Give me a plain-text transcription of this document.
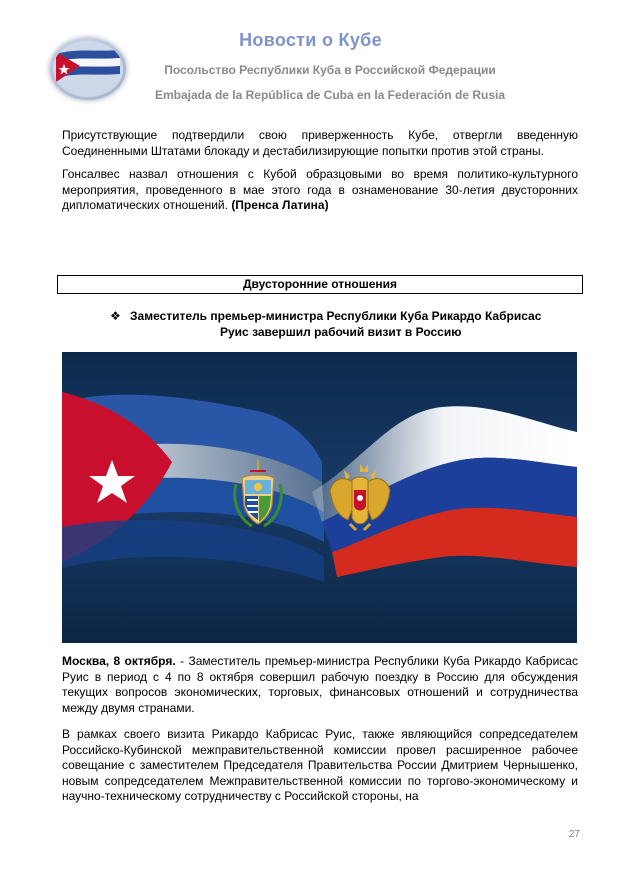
Новости о Кубе
Посольство Республики Куба в Российской Федерации
Embajada de la República de Cuba en la Federación de Rusia
Присутствующие подтвердили свою приверженность Кубе, отвергли введенную Соединенными Штатами блокаду и дестабилизирующие попытки против этой страны.
Гонсалвес назвал отношения с Кубой образцовыми во время политико-культурного мероприятия, проведенного в мае этого года в ознаменование 30-летия двусторонних дипломатических отношений. (Пренса Латина)
Двусторонние отношения
❖ Заместитель премьер-министра Республики Куба Рикардо Кабрисас
Руис завершил рабочий визит в Россию
Москва, 8 октября. - Заместитель премьер-министра Республики Куба Рикардо Кабрисас Руис в период с 4 по 8 октября совершил рабочую поездку в Россию для обсуждения текущих вопросов экономических, торговых, финансовых отношений и сотрудничества между двумя странами.
В рамках своего визита Рикардо Кабрисас Руис, также являющийся сопредседателем Российско-Кубинской межправительственной комиссии провел расширенное рабочее совещание с заместителем Председателя Правительства России Дмитрием Чернышенко, новым сопредседателем Межправительственной комиссии по торгово-экономическому и научно-техническому сотрудничеству с Российской стороны, на
27
